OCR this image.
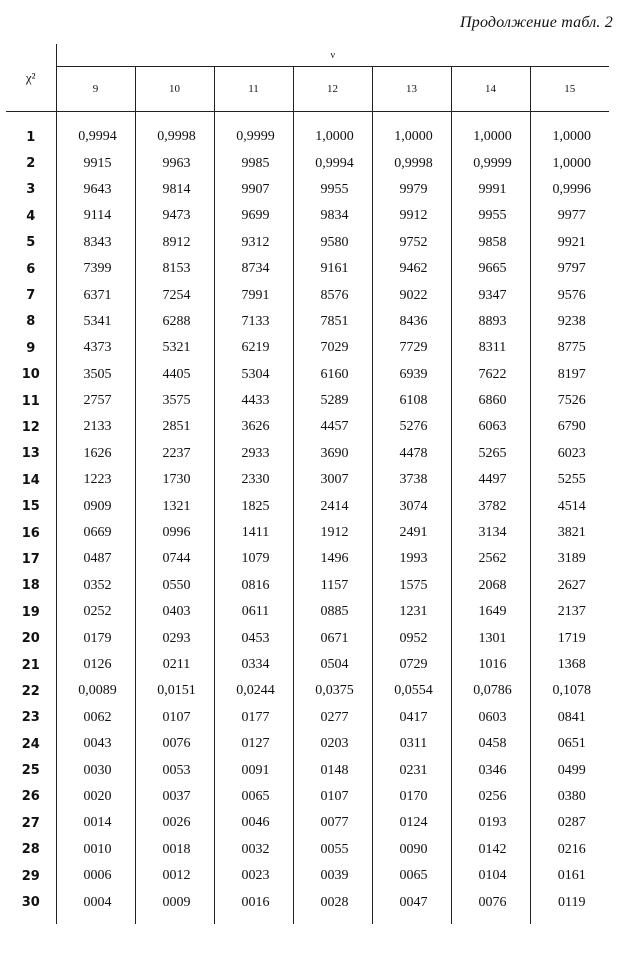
Продолжение табл. 2
χ²	ν						
	9	10	11	12	13	14	15

1	0,9994	0,9998	0,9999	1,0000	1,0000	1,0000	1,0000
2	9915	9963	9985	0,9994	0,9998	0,9999	1,0000
3	9643	9814	9907	9955	9979	9991	0,9996
4	9114	9473	9699	9834	9912	9955	9977
5	8343	8912	9312	9580	9752	9858	9921
6	7399	8153	8734	9161	9462	9665	9797
7	6371	7254	7991	8576	9022	9347	9576
8	5341	6288	7133	7851	8436	8893	9238
9	4373	5321	6219	7029	7729	8311	8775
10	3505	4405	5304	6160	6939	7622	8197
11	2757	3575	4433	5289	6108	6860	7526
12	2133	2851	3626	4457	5276	6063	6790
13	1626	2237	2933	3690	4478	5265	6023
14	1223	1730	2330	3007	3738	4497	5255
15	0909	1321	1825	2414	3074	3782	4514
16	0669	0996	1411	1912	2491	3134	3821
17	0487	0744	1079	1496	1993	2562	3189
18	0352	0550	0816	1157	1575	2068	2627
19	0252	0403	0611	0885	1231	1649	2137
20	0179	0293	0453	0671	0952	1301	1719
21	0126	0211	0334	0504	0729	1016	1368
22	0,0089	0,0151	0,0244	0,0375	0,0554	0,0786	0,1078
23	0062	0107	0177	0277	0417	0603	0841
24	0043	0076	0127	0203	0311	0458	0651
25	0030	0053	0091	0148	0231	0346	0499
26	0020	0037	0065	0107	0170	0256	0380
27	0014	0026	0046	0077	0124	0193	0287
28	0010	0018	0032	0055	0090	0142	0216
29	0006	0012	0023	0039	0065	0104	0161
30	0004	0009	0016	0028	0047	0076	0119
